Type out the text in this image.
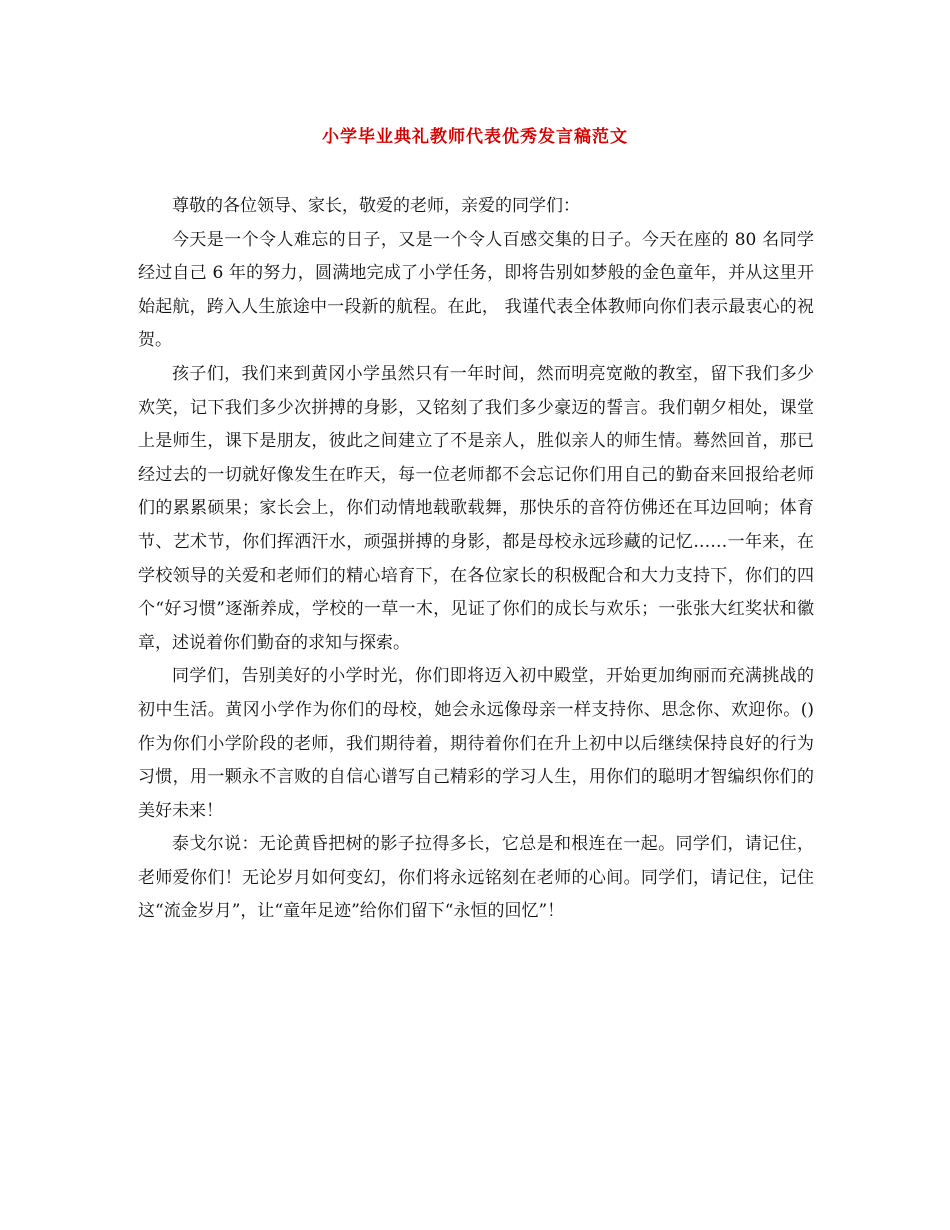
小学毕业典礼教师代表优秀发言稿范文

尊敬的各位领导、家长，敬爱的老师，亲爱的同学们：

今天是一个令人难忘的日子，又是一个令人百感交集的日子。今天在座的 80 名同学经过自己 6 年的努力，圆满地完成了小学任务，即将告别如梦般的金色童年，并从这里开始起航，跨入人生旅途中一段新的航程。在此， 我谨代表全体教师向你们表示最衷心的祝贺。

孩子们，我们来到黄冈小学虽然只有一年时间，然而明亮宽敞的教室，留下我们多少欢笑，记下我们多少次拼搏的身影，又铭刻了我们多少豪迈的誓言。我们朝夕相处，课堂上是师生，课下是朋友，彼此之间建立了不是亲人，胜似亲人的师生情。蓦然回首，那已经过去的一切就好像发生在昨天，每一位老师都不会忘记你们用自己的勤奋来回报给老师们的累累硕果；家长会上，你们动情地载歌载舞，那快乐的音符仿佛还在耳边回响；体育节、艺术节，你们挥洒汗水，顽强拼搏的身影，都是母校永远珍藏的记忆……一年来，在学校领导的关爱和老师们的精心培育下，在各位家长的积极配合和大力支持下，你们的四个“好习惯”逐渐养成，学校的一草一木，见证了你们的成长与欢乐；一张张大红奖状和徽章，述说着你们勤奋的求知与探索。

同学们，告别美好的小学时光，你们即将迈入初中殿堂，开始更加绚丽而充满挑战的初中生活。黄冈小学作为你们的母校，她会永远像母亲一样支持你、思念你、欢迎你。()作为你们小学阶段的老师，我们期待着，期待着你们在升上初中以后继续保持良好的行为习惯，用一颗永不言败的自信心谱写自己精彩的学习人生，用你们的聪明才智编织你们的美好未来！

泰戈尔说：无论黄昏把树的影子拉得多长，它总是和根连在一起。同学们，请记住，老师爱你们！无论岁月如何变幻，你们将永远铭刻在老师的心间。同学们，请记住，记住这“流金岁月”，让“童年足迹”给你们留下“永恒的回忆”！
